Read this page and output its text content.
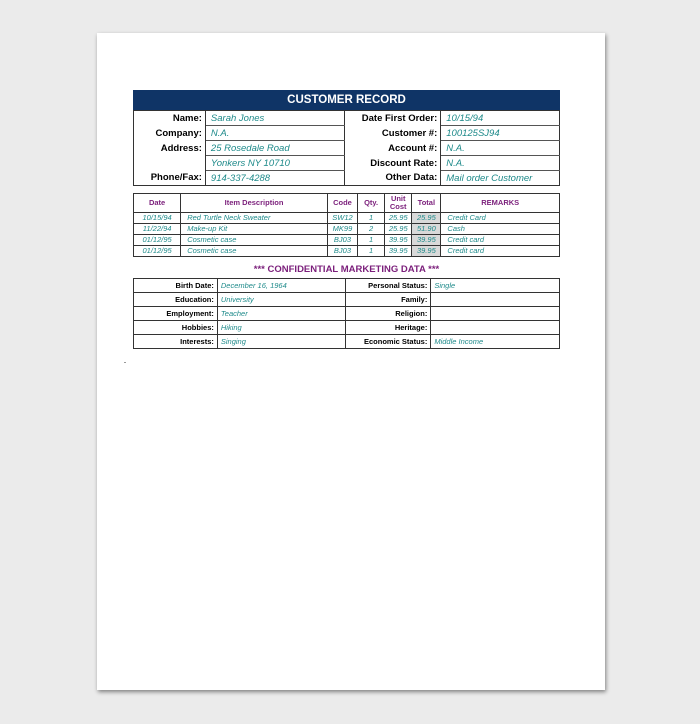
CUSTOMER RECORD
Name:	Sarah Jones	Date First Order:	10/15/94
Company:	N.A.	Customer #:	100125SJ94
Address:	25 Rosedale Road	Account #:	N.A.
	Yonkers NY 10710	Discount Rate:	N.A.
Phone/Fax:	914-337-4288	Other Data:	Mail order Customer
Date	Item Description	Code	Qty.	Unit Cost	Total	REMARKS
10/15/94	Red Turtle Neck Sweater	SW12	1	25.95	25.95	Credit Card
11/22/94	Make-up Kit	MK99	2	25.95	51.90	Cash
01/12/95	Cosmetic case	BJ03	1	39.95	39.95	Credit card
01/12/95	Cosmetic case	BJ03	1	39.95	39.95	Credit card
*** CONFIDENTIAL MARKETING DATA ***
Birth Date:	December 16, 1964	Personal Status:	Single
Education:	University	Family:	
Employment:	Teacher	Religion:	
Hobbies:	Hiking	Heritage:	
Interests:	Singing	Economic Status:	Middle Income
